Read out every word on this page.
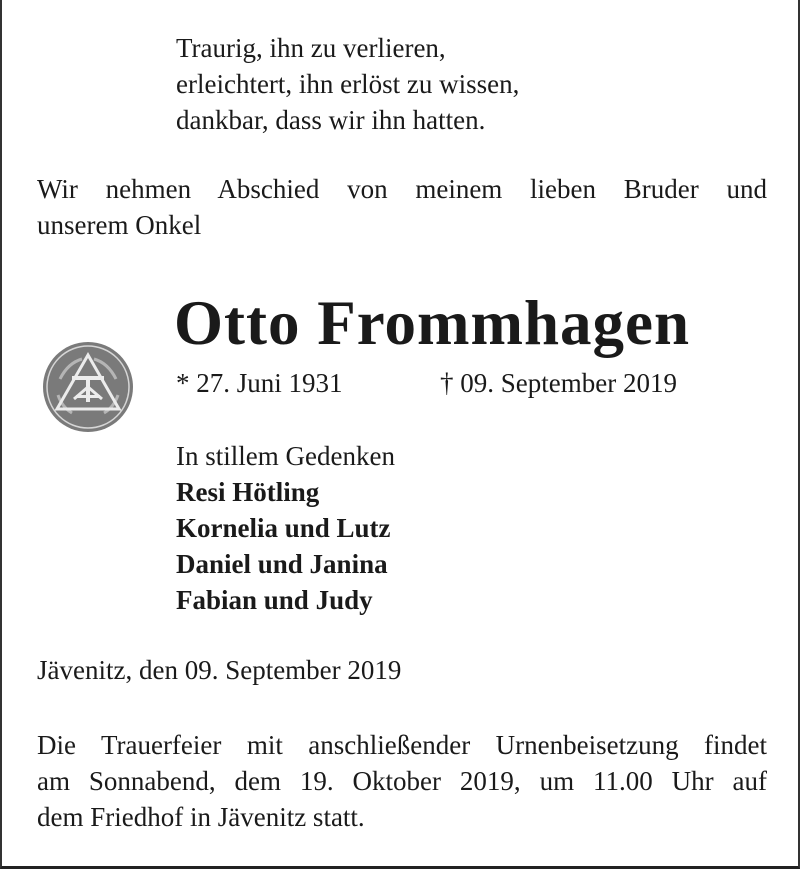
Traurig, ihn zu verlieren,
erleichtert, ihn erlöst zu wissen,
dankbar, dass wir ihn hatten.
Wir nehmen Abschied von meinem lieben Bruder und
unserem Onkel
Otto Frommhagen
* 27. Juni 1931	† 09. September 2019
In stillem Gedenken
Resi Hötling
Kornelia und Lutz
Daniel und Janina
Fabian und Judy
Jävenitz, den 09. September 2019
Die Trauerfeier mit anschließender Urnenbeisetzung findet
am Sonnabend, dem 19. Oktober 2019, um 11.00 Uhr auf
dem Friedhof in Jävenitz statt.
